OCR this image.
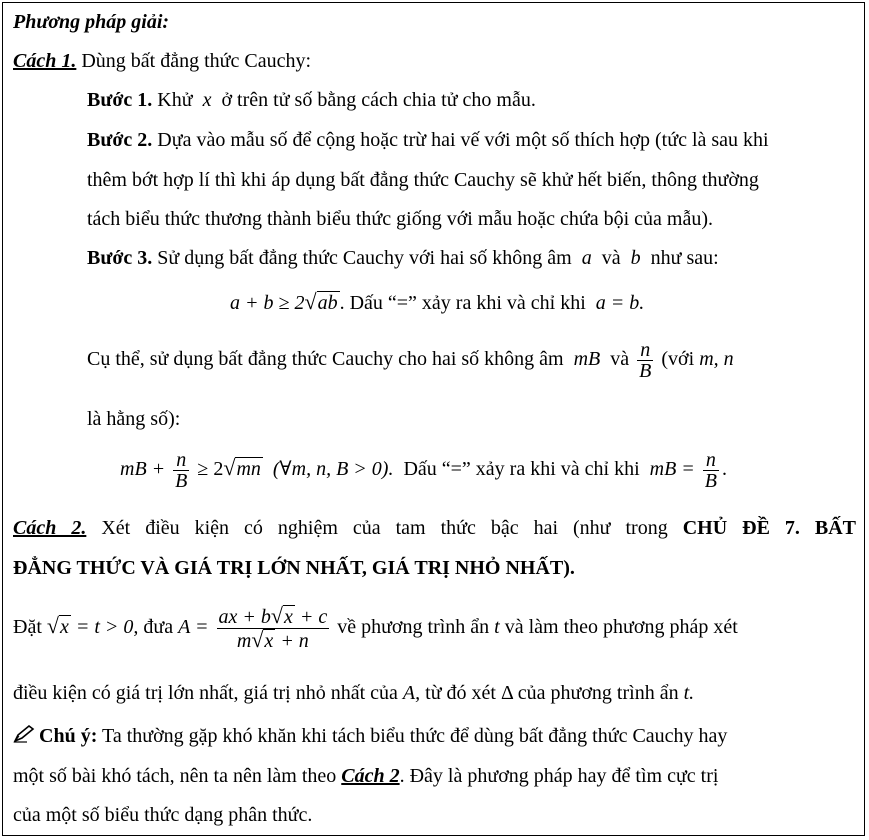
Phương pháp giải:
Cách 1. Dùng bất đẳng thức Cauchy:
Bước 1. Khử x ở trên tử số bằng cách chia tử cho mẫu.
Bước 2. Dựa vào mẫu số để cộng hoặc trừ hai vế với một số thích hợp (tức là sau khi
thêm bớt hợp lí thì khi áp dụng bất đẳng thức Cauchy sẽ khử hết biến, thông thường
tách biểu thức thương thành biểu thức giống với mẫu hoặc chứa bội của mẫu).
Bước 3. Sử dụng bất đẳng thức Cauchy với hai số không âm a và b như sau:
a + b ≥ 2√ab . Dấu “=” xảy ra khi và chỉ khi a = b.
Cụ thể, sử dụng bất đẳng thức Cauchy cho hai số không âm mB và $\frac{n}{B}$ (với m, n
là hằng số):
mB + $\frac{n}{B} \ge 2√mn$ (∀m, n, B > 0). Dấu “=” xảy ra khi và chỉ khi mB = $\frac{n}{B}$ .
Cách 2. Xét điều kiện có nghiệm của tam thức bậc hai (như trong CHỦ ĐỀ 7. BẤT
ĐẲNG THỨC VÀ GIÁ TRỊ LỚN NHẤT, GIÁ TRỊ NHỎ NHẤT).
Đặt √x = t > 0, đưa $A = \frac{ax + b√x + c}{m√x + n}$ về phương trình ẩn t và làm theo phương pháp xét
điều kiện có giá trị lớn nhất, giá trị nhỏ nhất của A, từ đó xét Δ của phương trình ẩn t.
Chú ý: Ta thường gặp khó khăn khi tách biểu thức để dùng bất đẳng thức Cauchy hay
một số bài khó tách, nên ta nên làm theo Cách 2. Đây là phương pháp hay để tìm cực trị
của một số biểu thức dạng phân thức.
